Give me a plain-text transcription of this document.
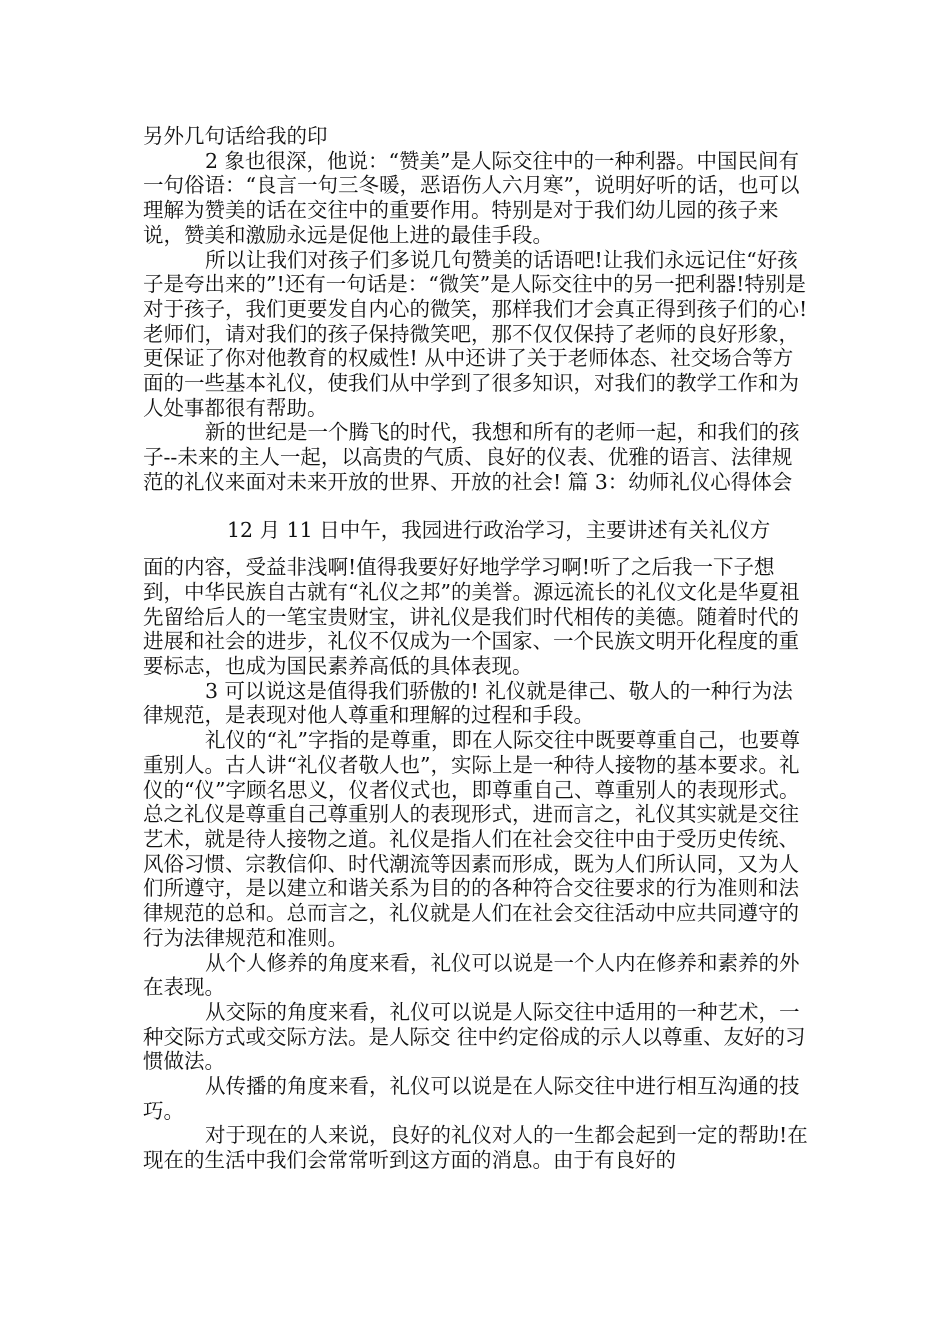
另外几句话给我的印

2 象也很深，他说：“赞美”是人际交往中的一种利器。中国民间有一句俗语：“良言一句三冬暖，恶语伤人六月寒”，说明好听的话，也可以理解为赞美的话在交往中的重要作用。特别是对于我们幼儿园的孩子来说，赞美和激励永远是促他上进的最佳手段。

所以让我们对孩子们多说几句赞美的话语吧!让我们永远记住“好孩子是夸出来的”!还有一句话是：“微笑”是人际交往中的另一把利器!特别是对于孩子，我们更要发自内心的微笑，那样我们才会真正得到孩子们的心!老师们，请对我们的孩子保持微笑吧，那不仅仅保持了老师的良好形象，更保证了你对他教育的权威性! 从中还讲了关于老师体态、社交场合等方面的一些基本礼仪，使我们从中学到了很多知识，对我们的教学工作和为人处事都很有帮助。

新的世纪是一个腾飞的时代，我想和所有的老师一起，和我们的孩子--未来的主人一起，以高贵的气质、良好的仪表、优雅的语言、法律规范的礼仪来面对未来开放的世界、开放的社会! 篇 3：幼师礼仪心得体会

12 月 11 日中午，我园进行政治学习，主要讲述有关礼仪方

面的内容，受益非浅啊!值得我要好好地学学习啊!听了之后我一下子想到，中华民族自古就有“礼仪之邦”的美誉。源远流长的礼仪文化是华夏祖先留给后人的一笔宝贵财宝，讲礼仪是我们时代相传的美德。随着时代的进展和社会的进步，礼仪不仅成为一个国家、一个民族文明开化程度的重要标志，也成为国民素养高低的具体表现。

3 可以说这是值得我们骄傲的! 礼仪就是律己、敬人的一种行为法律规范，是表现对他人尊重和理解的过程和手段。

礼仪的“礼”字指的是尊重，即在人际交往中既要尊重自己，也要尊重别人。古人讲“礼仪者敬人也”，实际上是一种待人接物的基本要求。礼仪的“仪”字顾名思义，仪者仪式也，即尊重自己、尊重别人的表现形式。总之礼仪是尊重自己尊重别人的表现形式，进而言之，礼仪其实就是交往艺术，就是待人接物之道。礼仪是指人们在社会交往中由于受历史传统、风俗习惯、宗教信仰、时代潮流等因素而形成，既为人们所认同，又为人们所遵守，是以建立和谐关系为目的的各种符合交往要求的行为准则和法律规范的总和。总而言之，礼仪就是人们在社会交往活动中应共同遵守的行为法律规范和准则。

从个人修养的角度来看，礼仪可以说是一个人内在修养和素养的外在表现。

从交际的角度来看，礼仪可以说是人际交往中适用的一种艺术，一种交际方式或交际方法。是人际交 往中约定俗成的示人以尊重、友好的习惯做法。

从传播的角度来看，礼仪可以说是在人际交往中进行相互沟通的技巧。

对于现在的人来说，良好的礼仪对人的一生都会起到一定的帮助!在现在的生活中我们会常常听到这方面的消息。由于有良好的
